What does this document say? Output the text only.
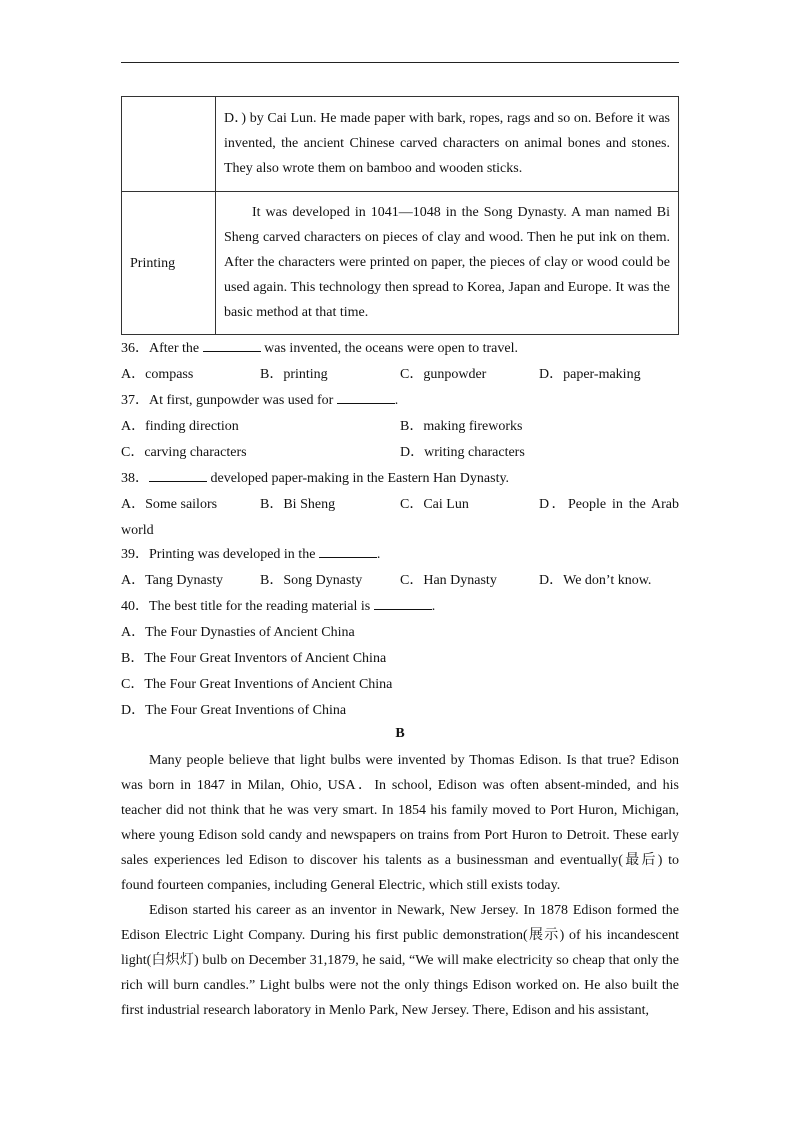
	D．) by Cai Lun. He made paper with bark, ropes, rags and so on. Before it was invented, the ancient Chinese carved characters on animal bones and stones. They also wrote them on bamboo and wooden sticks.
Printing	It was developed in 1041—1048 in the Song Dynasty. A man named Bi Sheng carved characters on pieces of clay and wood. Then he put ink on them. After the characters were printed on paper, the pieces of clay or wood could be used again. This technology then spread to Korea, Japan and Europe. It was the basic method at that time.
36．After the	was invented, the oceans were open to travel.
A．compass	B．printing	C．gunpowder	D．paper-making
37．At first, gunpowder was used for	.
A．finding direction	B．making fireworks
C．carving characters	D．writing characters
38．	developed paper-making in the Eastern Han Dynasty.
A．Some sailors	B．Bi Sheng	C．Cai Lun	D．People in the Arab
world
39．Printing was developed in the	.
A．Tang Dynasty	B．Song Dynasty	C．Han Dynasty	D．We don’t know.
40．The best title for the reading material is	.
A．The Four Dynasties of Ancient China
B．The Four Great Inventors of Ancient China
C．The Four Great Inventions of Ancient China
D．The Four Great Inventions of China
B

Many people believe that light bulbs were invented by Thomas Edison. Is that true? Edison was born in 1847 in Milan, Ohio, USA．In school, Edison was often absent-minded, and his teacher did not think that he was very smart. In 1854 his family moved to Port Huron, Michigan, where young Edison sold candy and newspapers on trains from Port Huron to Detroit. These early sales experiences led Edison to discover his talents as a businessman and eventually(最后) to found fourteen companies, including General Electric, which still exists today.

Edison started his career as an inventor in Newark, New Jersey. In 1878 Edison formed the Edison Electric Light Company. During his first public demonstration(展示) of his incandescent light(白炽灯) bulb on December 31,1879, he said, “We will make electricity so cheap that only the rich will burn candles.” Light bulbs were not the only things Edison worked on. He also built the first industrial research laboratory in Menlo Park, New Jersey. There, Edison and his assistant,
